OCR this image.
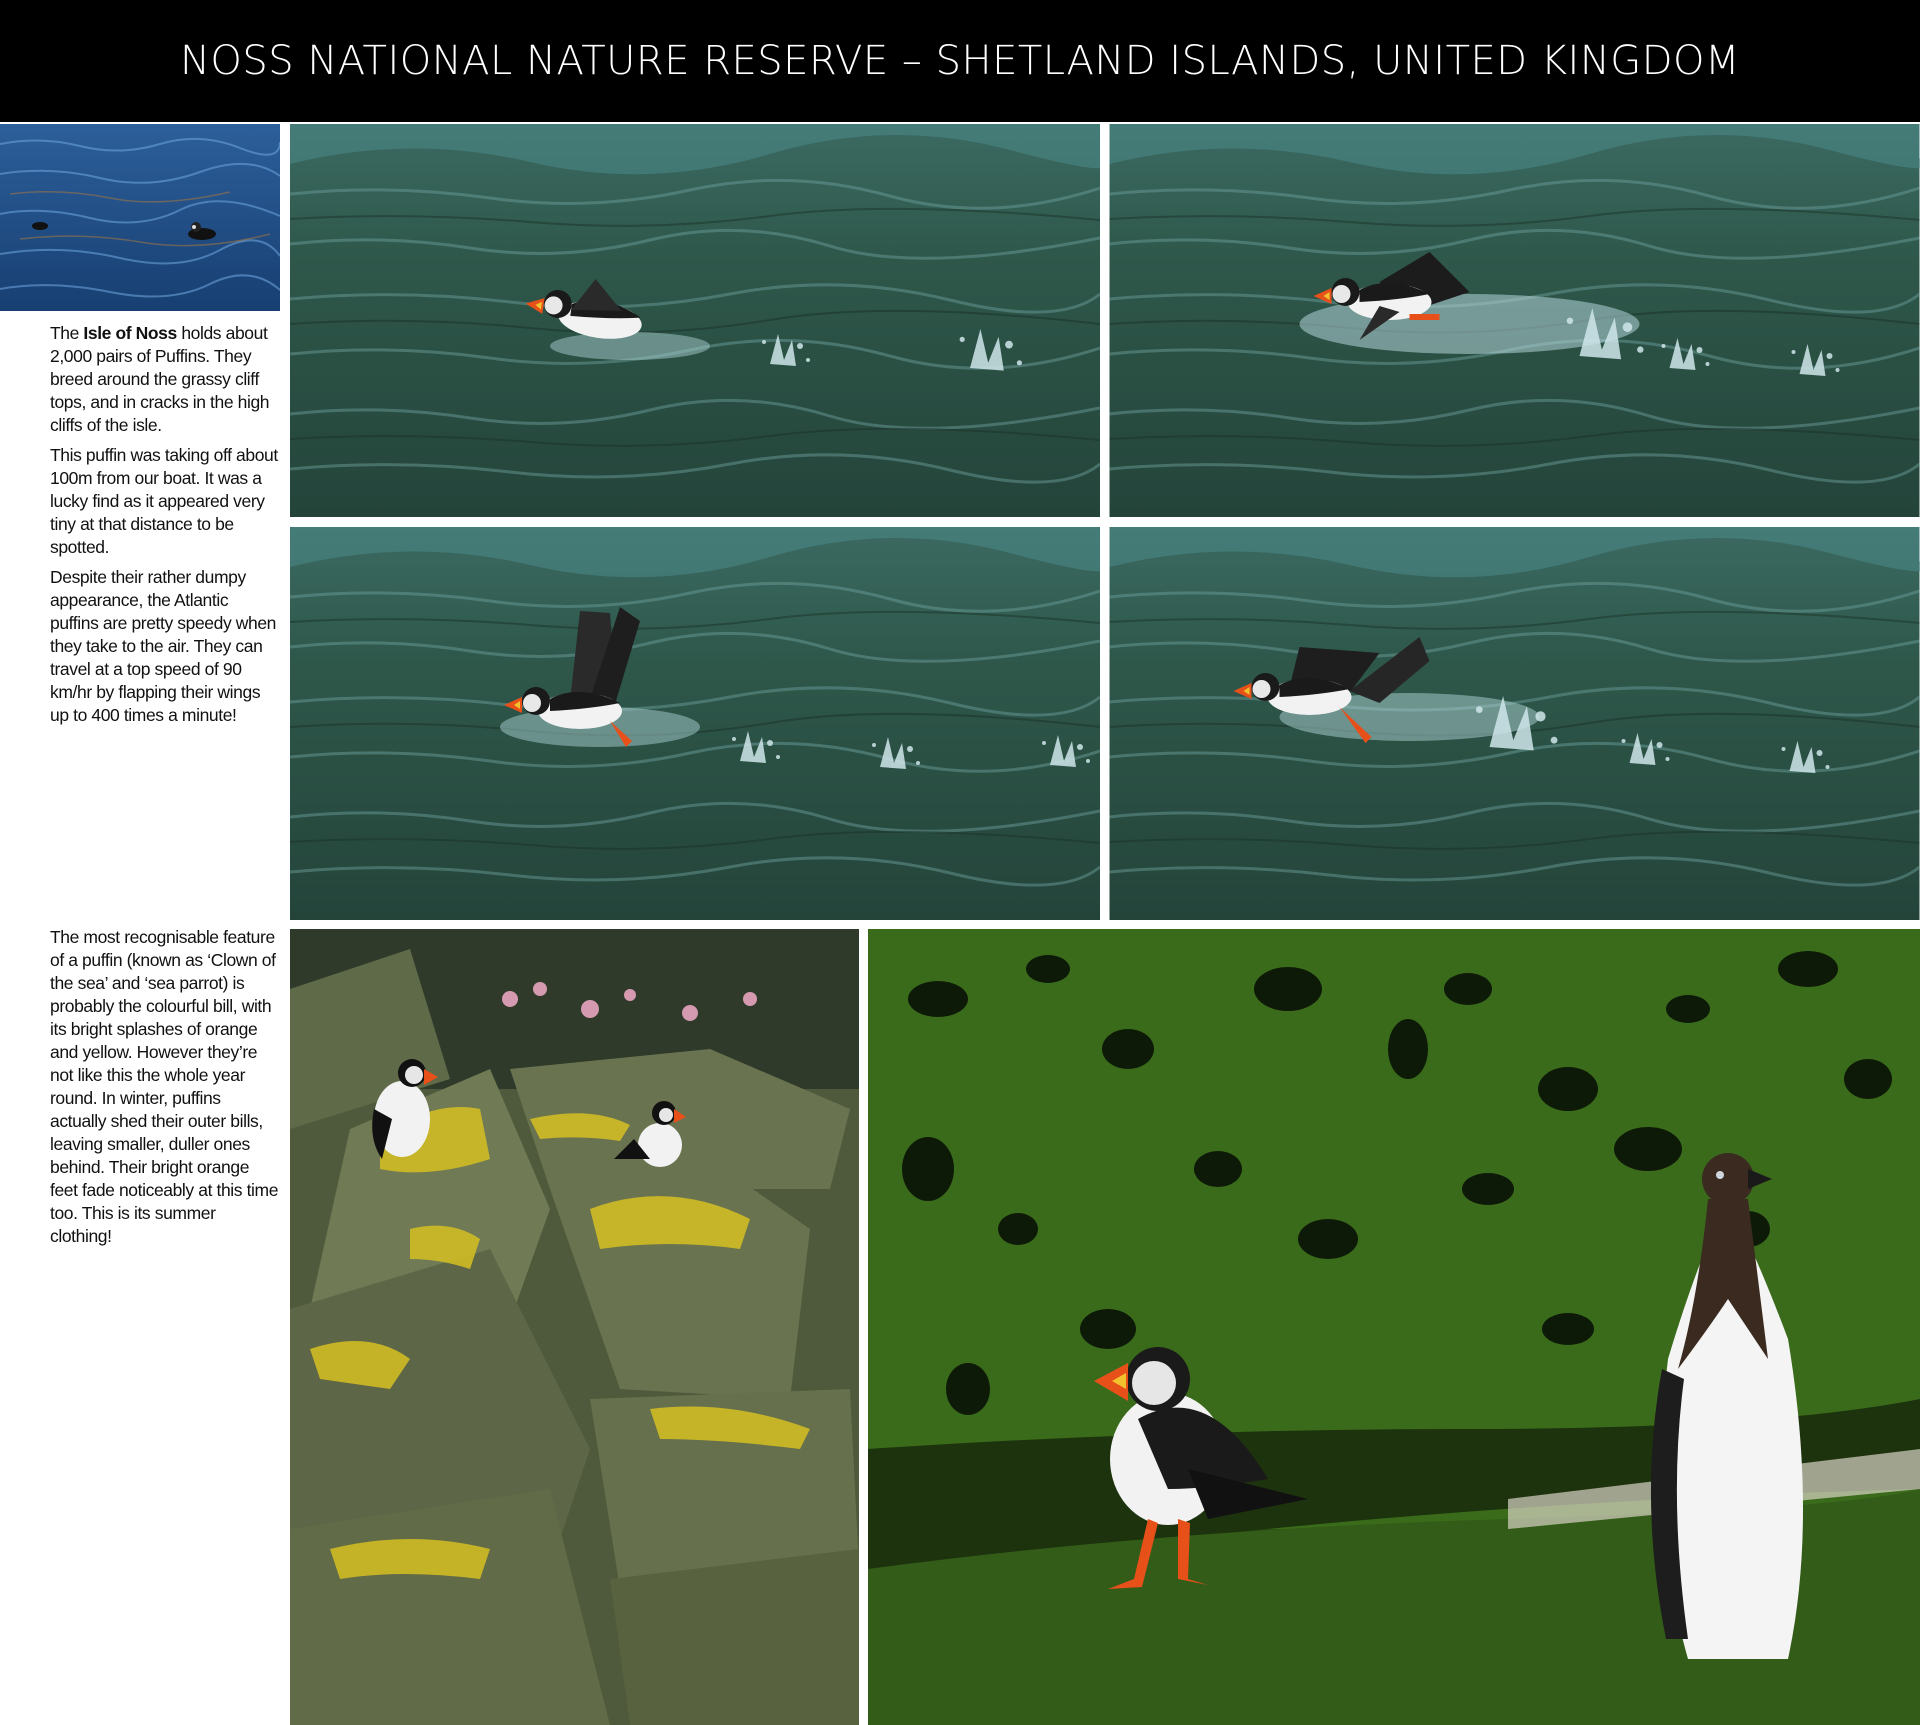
NOSS NATIONAL NATURE RESERVE – SHETLAND ISLANDS, UNITED KINGDOM

The Isle of Noss holds about 2,000 pairs of Puffins. They breed around the grassy cliff tops, and in cracks in the high cliffs of the isle.

This puffin was taking off about 100m from our boat. It was a lucky find as it appeared very tiny at that distance to be spotted.

Despite their rather dumpy appearance, the Atlantic puffins are pretty speedy when they take to the air. They can travel at a top speed of 90 km/hr by flapping their wings up to 400 times a minute!

The most recognisable feature of a puffin (known as ‘Clown of the sea’ and ‘sea parrot) is probably the colourful bill, with its bright splashes of orange and yellow. However they’re not like this the whole year round. In winter, puffins actually shed their outer bills, leaving smaller, duller ones behind. Their bright orange feet fade noticeably at this time too. This is its summer clothing!
